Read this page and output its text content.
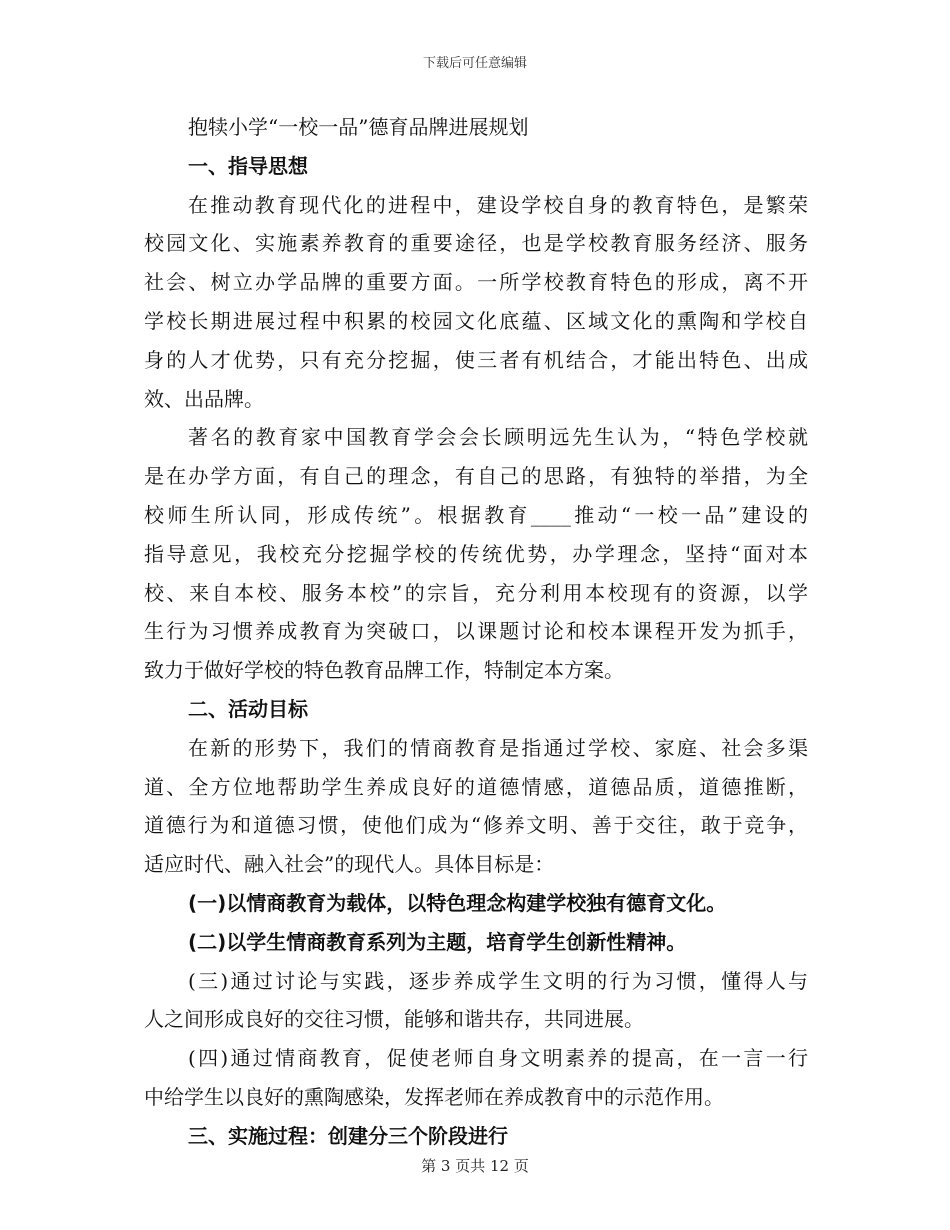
下载后可任意编辑
抱犊小学“一校一品”德育品牌进展规划
一、指导思想
在推动教育现代化的进程中，建设学校自身的教育特色，是繁荣
校园文化、实施素养教育的重要途径，也是学校教育服务经济、服务
社会、树立办学品牌的重要方面。一所学校教育特色的形成，离不开
学校长期进展过程中积累的校园文化底蕴、区域文化的熏陶和学校自
身的人才优势，只有充分挖掘，使三者有机结合，才能出特色、出成
效、出品牌。
著名的教育家中国教育学会会长顾明远先生认为，“特色学校就
是在办学方面，有自己的理念，有自己的思路，有独特的举措，为全
校师生所认同，形成传统”。根据教育____推动“一校一品”建设的
指导意见，我校充分挖掘学校的传统优势，办学理念，坚持“面对本
校、来自本校、服务本校”的宗旨，充分利用本校现有的资源，以学
生行为习惯养成教育为突破口，以课题讨论和校本课程开发为抓手，
致力于做好学校的特色教育品牌工作，特制定本方案。
二、活动目标
在新的形势下，我们的情商教育是指通过学校、家庭、社会多渠
道、全方位地帮助学生养成良好的道德情感，道德品质，道德推断，
道德行为和道德习惯，使他们成为“修养文明、善于交往，敢于竞争，
适应时代、融入社会”的现代人。具体目标是：
(一)以情商教育为载体，以特色理念构建学校独有德育文化。
(二)以学生情商教育系列为主题，培育学生创新性精神。
(三)通过讨论与实践，逐步养成学生文明的行为习惯，懂得人与
人之间形成良好的交往习惯，能够和谐共存，共同进展。
(四)通过情商教育，促使老师自身文明素养的提高，在一言一行
中给学生以良好的熏陶感染，发挥老师在养成教育中的示范作用。
三、实施过程：创建分三个阶段进行
第 3 页共 12 页
